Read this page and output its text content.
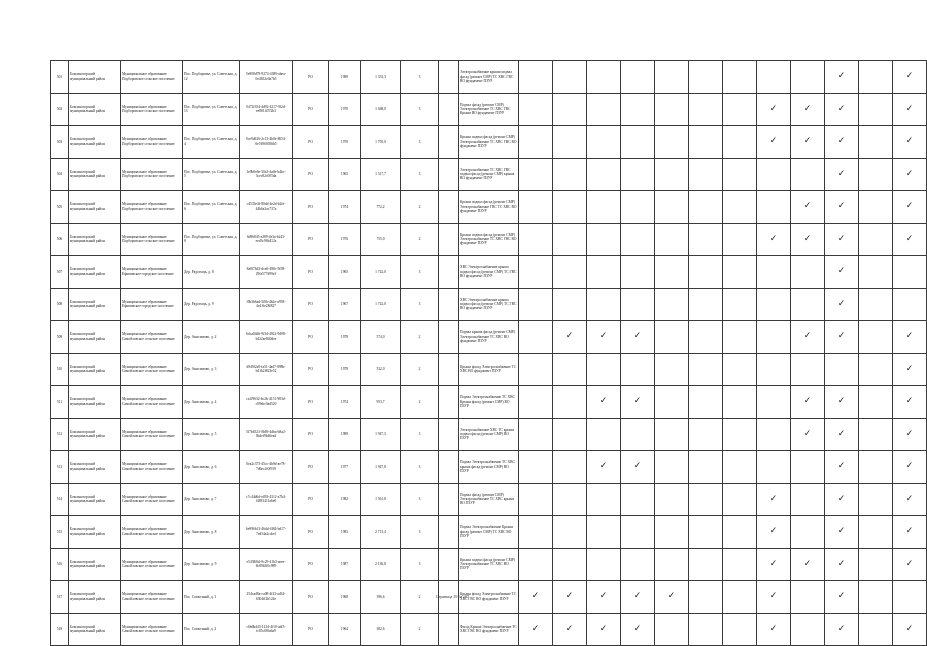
501	Боксиногорский муниципальный район	Муниципальное образование Подборовское сельское поселение	Пос. Подборовье, ул. Советская, д. 12	5e908d79-9274-4389-abea-0e4652e0a7b5	РО	1989	1 353,3	3		Электроснабжение крыши подвал фасад (ремонт СМР) ТС ХВС ГВС ВО фундамент ПЗУР										✓		✓
502	Боксиногорский муниципальный район	Муниципальное образование Подборовское сельское поселение	Пос. Подборовье, ул. Советская, д. 13	0472f354-dd92-4217-9f2d-ee881f47f2b3	РО	1970	1 368,0	3		Подвал фасад (ремонт СМР) Электроснабжение ТС ХВС ГВС Крыша ВО фундамент ПЗУР								✓	✓	✓		✓
503	Боксиногорский муниципальный район	Муниципальное образование Подборовское сельское поселение	Пос. Подборовье, ул. Советская, д. 4	0ce9d616-2c13-4b0e-8654-6e7d960036b5	РО	1970	1 705,0	3		Крыша подвал фасад (ремонт СМР) Электроснабжение ТС ХВС ГВС ВО фундамент ПЗУР								✓	✓	✓		✓
504	Боксиногорский муниципальный район	Муниципальное образование Подборовское сельское поселение	Пос. Подборовье, ул. Советская, д. 5	1e9b0e6e-30a3-4a0e-b4bc-3cec82c005da	РО	1965	1 317,7	3		Электроснабжение ТС ХВС ГВС подвал фасад (ремонт СМР) крыша ВО фундамент ПЗУР										✓		✓
505	Боксиногорский муниципальный район	Муниципальное образование Подборовское сельское поселение	Пос. Подборовье, ул. Советская, д. 6	c4533e4f-80dd-4e2d-b2fe-44b6a3ac737a	РО	1974	772,2	2		Крыша подвал фасад (ремонт СМР) Электроснабжение ГВС ТС ХВС ВО фундамент ПЗУР									✓	✓		✓
506	Боксиногорский муниципальный район	Муниципальное образование Подборовское сельское поселение	Пос. Подборовье, ул. Советская, д. 8	6d96845-e289-4e3a-b243-eed3c96b412a	РО	1976	755,0	2		Крыша подвал фасад (ремонт СМР) Электроснабжение ТС ХВС ГВС ВО фундамент ПЗУР								✓	✓	✓		✓
507	Боксиногорский муниципальный район	Муниципальное образование Ефимовское городское поселение	Дер. Радогощь, д. 8	8a8f7643-dce6-498c-9f58-29fa577d99e3	РО	1965	1 742,0	3		ХВС Электроснабжение крыша подвал фасад (ремонт СМР) ТС ГВС ВО фундамент ПЗУР										✓		
508	Боксиногорский муниципальный район	Муниципальное образование Ефимовское городское поселение	Дер. Радогощь, д. 9	f0b3b6ad-5f0b-4b2e-a958-4e41fe28f827	РО	1967	1 742,0	3		ХВС Электроснабжение крыша подвал фасад (ремонт СМР) ТС ГВС ВО фундамент ПЗУР										✓		
509	Боксиногорский муниципальный район	Муниципальное образование Самойловское сельское поселение	Дер. Анисимово, д. 2	6cba04d6-9f3d-4922-9d98-b422ae840dee	РО	1978	574,0	2		Подвал крыша фасад (ремонт СМР) Электроснабжение ТС ХВС ВО фундамент ПЗУР		✓	✓	✓					✓	✓		✓
510	Боксиногорский муниципальный район	Муниципальное образование Самойловское сельское поселение	Дер. Анисимово, д. 3	d949f2a9-fa51-4ad7-898b-b41b2f823e52	РО	1978	532,0	2		Крыша фасад Электроснабжение ТС ХВС ВО фундамент ПЗУР												✓
511	Боксиногорский муниципальный район	Муниципальное образование Самойловское сельское поселение	Дер. Анисимово, д. 4	ca1f9632-bc2b-4151-983d-c09ebc9ad520	РО	1974	953,7	2		Подвал Электроснабжение ТС ХВС Крыша фасад (ремонт СМР) ВО ПЗУР			✓	✓					✓	✓		✓
512	Боксиногорский муниципальный район	Муниципальное образование Самойловское сельское поселение	Дер. Анисимово, д. 5	5f7b6523-0b69-4dba-b8a2-0b4ef9b46ead	РО	1989	1 947,3	3		Электроснабжение ХВС ТС крыша подвал фасад (ремонт СМР) ВО ПЗУР									✓	✓		✓
513	Боксиногорский муниципальный район	Муниципальное образование Самойловское сельское поселение	Дер. Анисимово, д. 6	0ea2c375-45cc-4b9d-ae78-7d6ec2f0f919	РО	1977	1 947,8	3		Подвал Электроснабжение ТС ХВС крыша фасад (ремонт СМР) ВО ПЗУР			✓	✓						✓		✓
514	Боксиногорский муниципальный район	Муниципальное образование Самойловское сельское поселение	Дер. Анисимово, д. 7	c7c44d6d-e493-4312-a7b4-f4881411a6e0	РО	1982	1 361,8	3		Подвал фасад (ремонт СМР) Электроснабжение ТС ХВС крыша ВО ПЗУР								✓		✓		✓
515	Боксиногорский муниципальный район	Муниципальное образование Самойловское сельское поселение	Дер. Анисимово, д. 8	6e996b13-46dd-4f84-bd17-7ed54a2cdcef	РО	1983	2 713,4	3		Подвал Электроснабжение Крыша фасад (ремонт СМР) ТС ХВС ВО ПЗУР								✓		✓		✓
516	Боксиногорский муниципальный район	Муниципальное образование Самойловское сельское поселение	Дер. Анисимово, д. 9	e5438f6d-9c29-41b3-aeee-8c89b3f0c989	РО	1987	2 136,8	3		Крыша подвал фасад (ремонт СМР) Электроснабжение ТС ХВС ВО ПЗУР								✓	✓	✓		✓
517	Боксиногорский муниципальный район	Муниципальное образование Самойловское сельское поселение	Пос. Совхозный, д. 1	254cad8a-ca08-4f23-ad34-6304ff2b124e	РО	1968	396,6	2		Крыша фасад Электроснабжение ТС ХВС ГВС ВО фундамент ПЗУР	✓	✓	✓	✓	✓			✓		✓		
518	Боксиногорский муниципальный район	Муниципальное образование Самойловское сельское поселение	Пос. Совхозный, д. 2	c6b6bd43-141d-4f10-adf5-fc85c08fa6a9	РО	1964	382,6	2		Фасад Крыша Электроснабжение ТС ХВС ГВС ВО фундамент ПЗУР	✓	✓	✓	✓				✓		✓		✓
Страница 29 из 187
